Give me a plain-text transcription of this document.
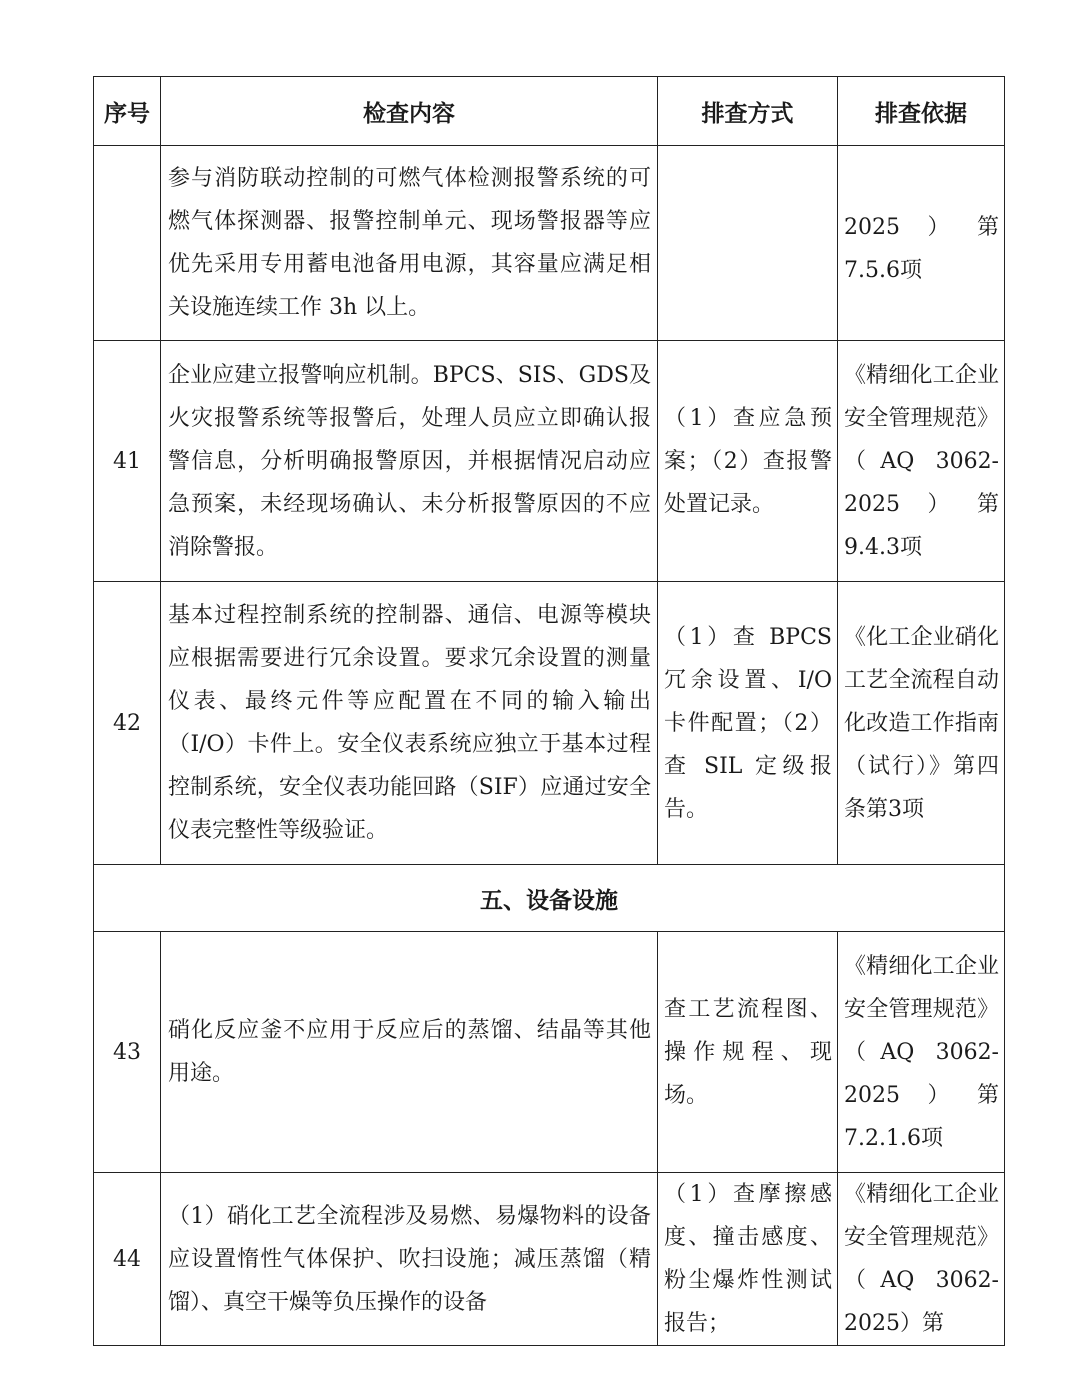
序号	检查内容	排查方式	排查依据

	参与消防联动控制的可燃气体检测报警系统的可燃气体探测器、报警控制单元、现场警报器等应优先采用专用蓄电池备用电源，其容量应满足相关设施连续工作 3h 以上。		2025）第7.5.6项

41	企业应建立报警响应机制。BPCS、SIS、GDS及火灾报警系统等报警后，处理人员应立即确认报警信息，分析明确报警原因，并根据情况启动应急预案，未经现场确认、未分析报警原因的不应消除警报。	（1）查应急预案；（2）查报警处置记录。	《精细化工企业安全管理规范》（AQ 3062-2025）第9.4.3项

42	基本过程控制系统的控制器、通信、电源等模块应根据需要进行冗余设置。要求冗余设置的测量仪表、最终元件等应配置在不同的输入输出（I/O）卡件上。安全仪表系统应独立于基本过程控制系统，安全仪表功能回路（SIF）应通过安全仪表完整性等级验证。	（1）查 BPCS 冗余设置、I/O 卡件配置；（2）查 SIL 定级报告。	《化工企业硝化工艺全流程自动化改造工作指南（试行）》第四条第3项

五、设备设施			
43	硝化反应釜不应用于反应后的蒸馏、结晶等其他用途。	查工艺流程图、操作规程、现场。	《精细化工企业安全管理规范》（AQ 3062-2025）第7.2.1.6项

44	（1）硝化工艺全流程涉及易燃、易爆物料的设备应设置惰性气体保护、吹扫设施；减压蒸馏（精馏）、真空干燥等负压操作的设备	（1）查摩擦感度、撞击感度、粉尘爆炸性测试报告；	《精细化工企业安全管理规范》（AQ 3062-2025）第
